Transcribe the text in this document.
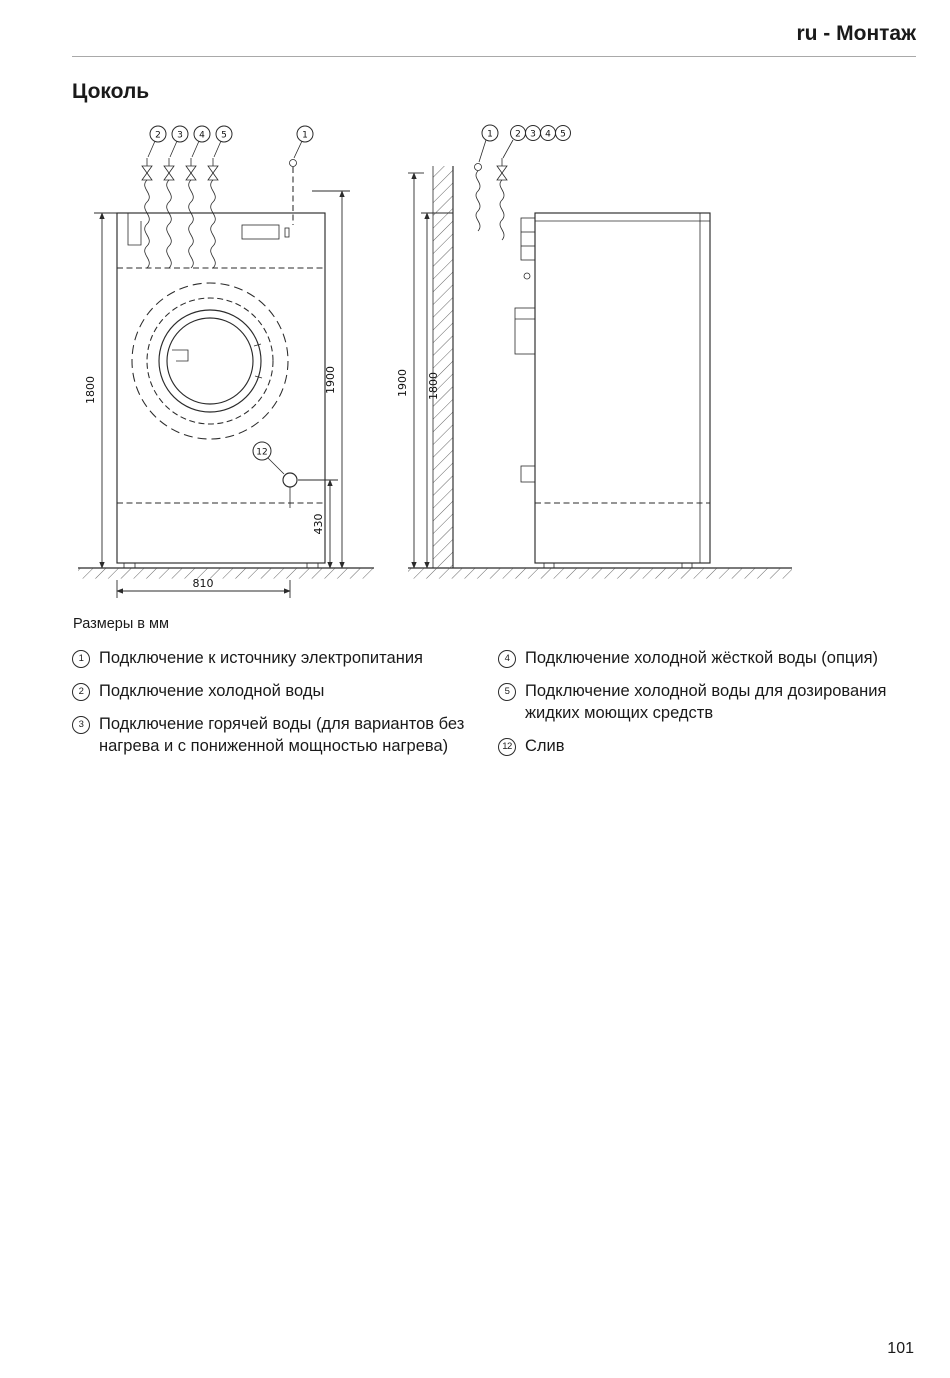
ru - Монтаж
Цоколь
2 3 4 5	1
12
1800	1900
430
810
1 2 3 4 5
1900 1800
Размеры в мм
1 Подключение к источнику электропитания
2 Подключение холодной воды
3 Подключение горячей воды (для вариантов без нагрева и с пониженной мощностью нагрева)
4 Подключение холодной жёсткой воды (опция)
5 Подключение холодной воды для дозирования жидких моющих средств
12 Слив
101
